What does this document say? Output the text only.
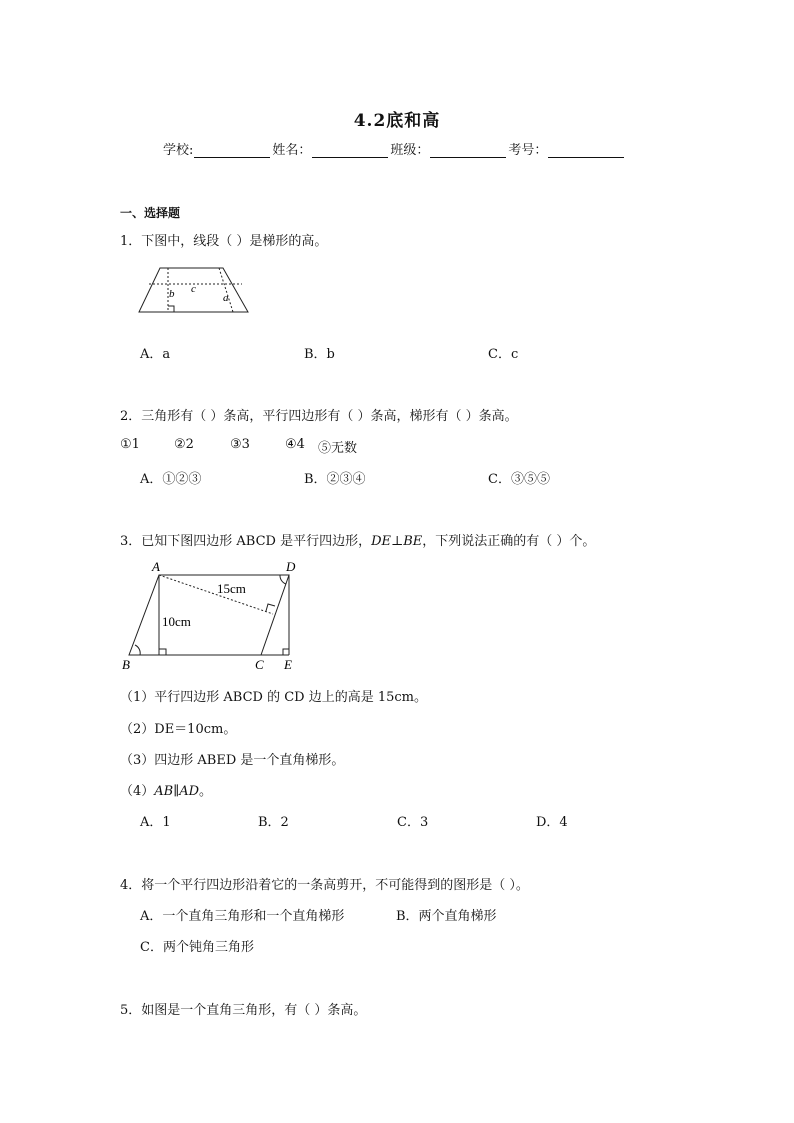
4.2底和高
学校:	姓名：	班级：	考号：
一、选择题
1．下图中，线段（ ）是梯形的高。
b c
a
A．a	B．b	C．c
2．三角形有（ ）条高，平行四边形有（ ）条高，梯形有（ ）条高。
①1	②2	③3	④4 ⑤无数
A．①②③	B．②③④	C．③⑤⑤
3．已知下图四边形 ABCD 是平行四边形，DE⊥BE，下列说法正确的有（ ）个。
A	D
B	C E
15cm
10cm
（1）平行四边形 ABCD 的 CD 边上的高是 15cm。
（2）DE＝10cm。
（3）四边形 ABED 是一个直角梯形。
（4）AB∥AD。
A．1	B．2	C．3	D．4
4．将一个平行四边形沿着它的一条高剪开，不可能得到的图形是（ ）。
A．一个直角三角形和一个直角梯形	B．两个直角梯形
C．两个钝角三角形
5．如图是一个直角三角形，有（ ）条高。
